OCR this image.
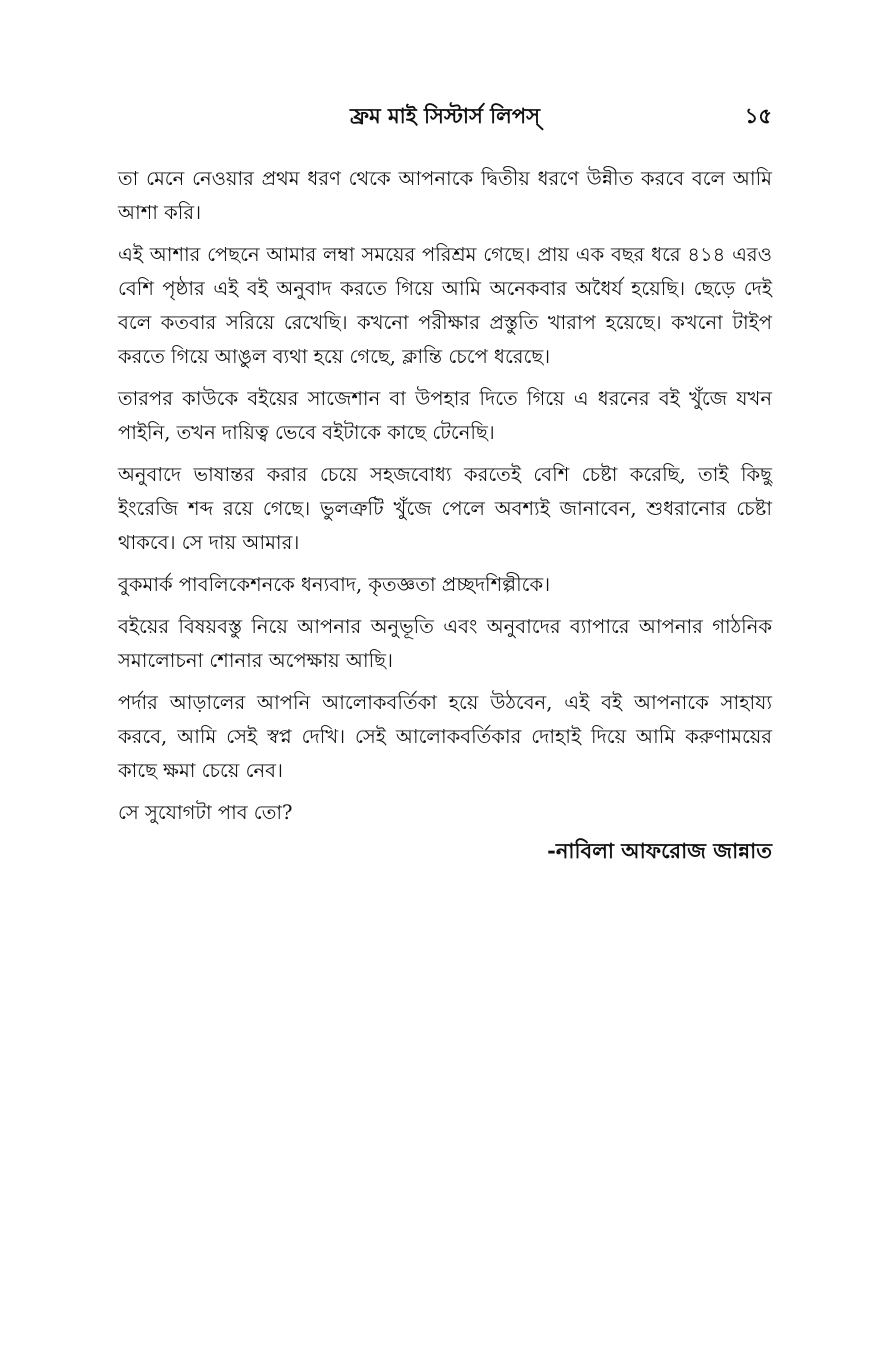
ফ্রম মাই সিস্টার্স লিপস্	১৫

তা মেনে নেওয়ার প্রথম ধরণ থেকে আপনাকে দ্বিতীয় ধরণে উন্নীত করবে বলে আমি আশা করি।

এই আশার পেছনে আমার লম্বা সময়ের পরিশ্রম গেছে। প্রায় এক বছর ধরে ৪১৪ এরও বেশি পৃষ্ঠার এই বই অনুবাদ করতে গিয়ে আমি অনেকবার অধৈর্য হয়েছি। ছেড়ে দেই বলে কতবার সরিয়ে রেখেছি। কখনো পরীক্ষার প্রস্তুতি খারাপ হয়েছে। কখনো টাইপ করতে গিয়ে আঙুল ব্যথা হয়ে গেছে, ক্লান্তি চেপে ধরেছে।

তারপর কাউকে বইয়ের সাজেশান বা উপহার দিতে গিয়ে এ ধরনের বই খুঁজে যখন পাইনি, তখন দায়িত্ব ভেবে বইটাকে কাছে টেনেছি।

অনুবাদে ভাষান্তর করার চেয়ে সহজবোধ্য করতেই বেশি চেষ্টা করেছি, তাই কিছু ইংরেজি শব্দ রয়ে গেছে। ভুলত্রুটি খুঁজে পেলে অবশ্যই জানাবেন, শুধরানোর চেষ্টা থাকবে। সে দায় আমার।

বুকমার্ক পাবলিকেশনকে ধন্যবাদ, কৃতজ্ঞতা প্রচ্ছদশিল্পীকে।

বইয়ের বিষয়বস্তু নিয়ে আপনার অনুভূতি এবং অনুবাদের ব্যাপারে আপনার গাঠনিক সমালোচনা শোনার অপেক্ষায় আছি।

পর্দার আড়ালের আপনি আলোকবর্তিকা হয়ে উঠবেন, এই বই আপনাকে সাহায্য করবে, আমি সেই স্বপ্ন দেখি। সেই আলোকবর্তিকার দোহাই দিয়ে আমি করুণাময়ের কাছে ক্ষমা চেয়ে নেব।

সে সুযোগটা পাব তো?

-নাবিলা আফরোজ জান্নাত
